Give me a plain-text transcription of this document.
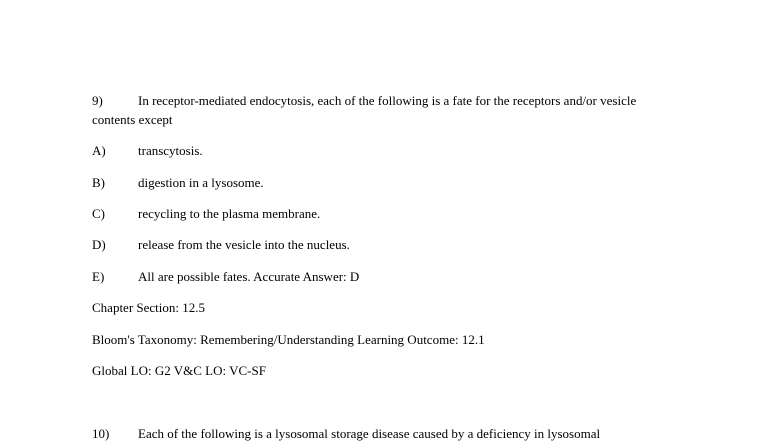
9)	In receptor-mediated endocytosis, each of the following is a fate for the receptors and/or vesicle
contents except
A) transcytosis.
B)	digestion in a lysosome.
C)	recycling to the plasma membrane.
D) release from the vesicle into the nucleus.
E)	All are possible fates. Accurate Answer: D
Chapter Section: 12.5
Bloom's Taxonomy: Remembering/Understanding Learning Outcome: 12.1
Global LO: G2 V&C LO: VC-SF
10) Each of the following is a lysosomal storage disease caused by a deficiency in lysosomal
